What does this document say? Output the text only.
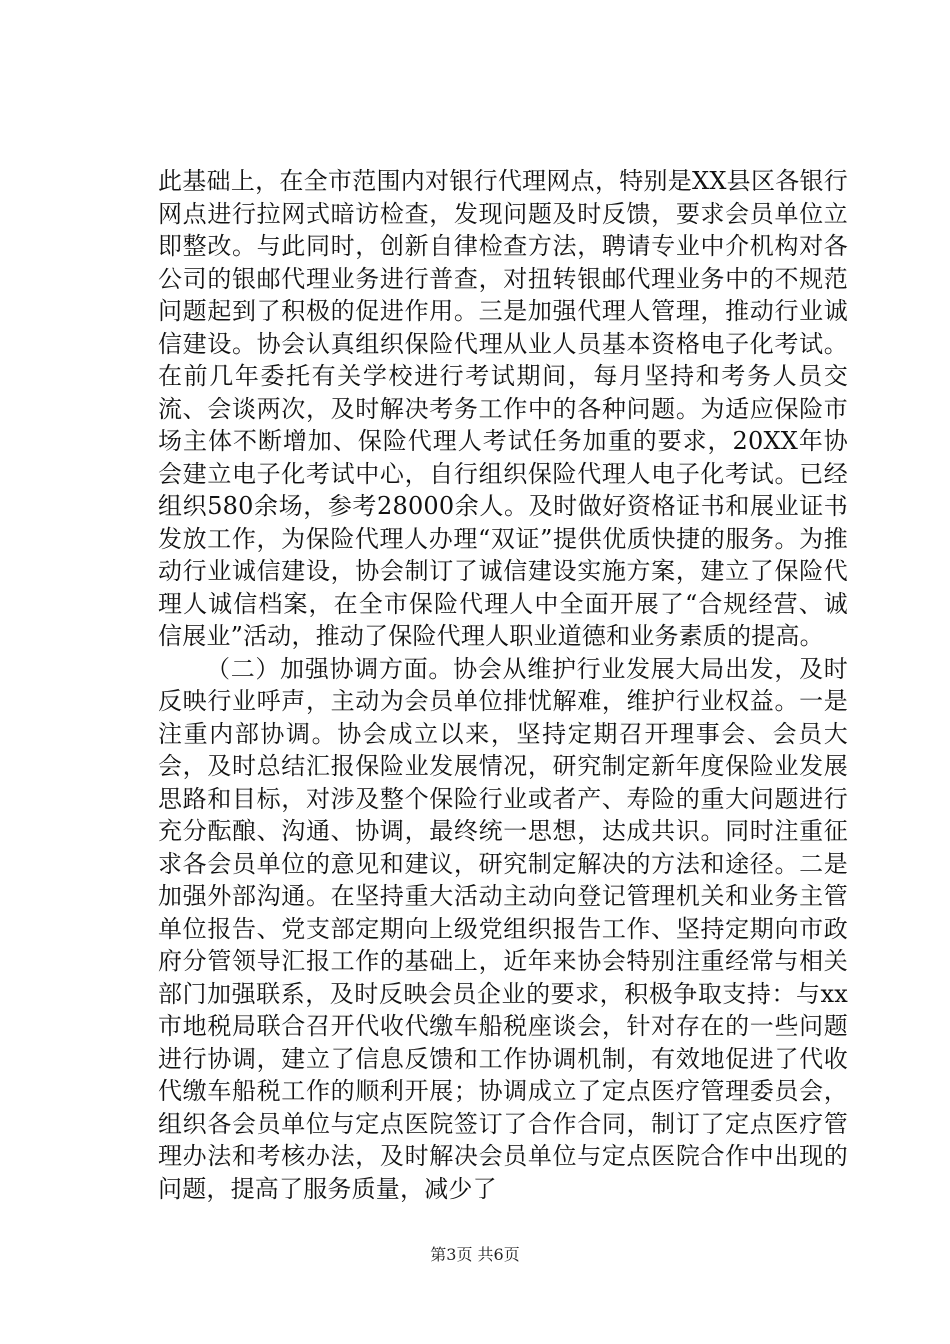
此基础上，在全市范围内对银行代理网点，特别是XX县区各银行网点进行拉网式暗访检查，发现问题及时反馈，要求会员单位立即整改。与此同时，创新自律检查方法，聘请专业中介机构对各公司的银邮代理业务进行普查，对扭转银邮代理业务中的不规范问题起到了积极的促进作用。三是加强代理人管理，推动行业诚信建设。协会认真组织保险代理从业人员基本资格电子化考试。在前几年委托有关学校进行考试期间，每月坚持和考务人员交流、会谈两次，及时解决考务工作中的各种问题。为适应保险市场主体不断增加、保险代理人考试任务加重的要求，20XX年协会建立电子化考试中心，自行组织保险代理人电子化考试。已经组织580余场，参考28000余人。及时做好资格证书和展业证书发放工作，为保险代理人办理“双证”提供优质快捷的服务。为推动行业诚信建设，协会制订了诚信建设实施方案，建立了保险代理人诚信档案，在全市保险代理人中全面开展了“合规经营、诚信展业”活动，推动了保险代理人职业道德和业务素质的提高。

（二）加强协调方面。协会从维护行业发展大局出发，及时反映行业呼声，主动为会员单位排忧解难，维护行业权益。一是注重内部协调。协会成立以来，坚持定期召开理事会、会员大会，及时总结汇报保险业发展情况，研究制定新年度保险业发展思路和目标，对涉及整个保险行业或者产、寿险的重大问题进行充分酝酿、沟通、协调，最终统一思想，达成共识。同时注重征求各会员单位的意见和建议，研究制定解决的方法和途径。二是加强外部沟通。在坚持重大活动主动向登记管理机关和业务主管单位报告、党支部定期向上级党组织报告工作、坚持定期向市政府分管领导汇报工作的基础上，近年来协会特别注重经常与相关部门加强联系，及时反映会员企业的要求，积极争取支持：与xx市地税局联合召开代收代缴车船税座谈会，针对存在的一些问题进行协调，建立了信息反馈和工作协调机制，有效地促进了代收代缴车船税工作的顺利开展；协调成立了定点医疗管理委员会，组织各会员单位与定点医院签订了合作合同，制订了定点医疗管理办法和考核办法，及时解决会员单位与定点医院合作中出现的问题，提高了服务质量，减少了

第3页 共6页
